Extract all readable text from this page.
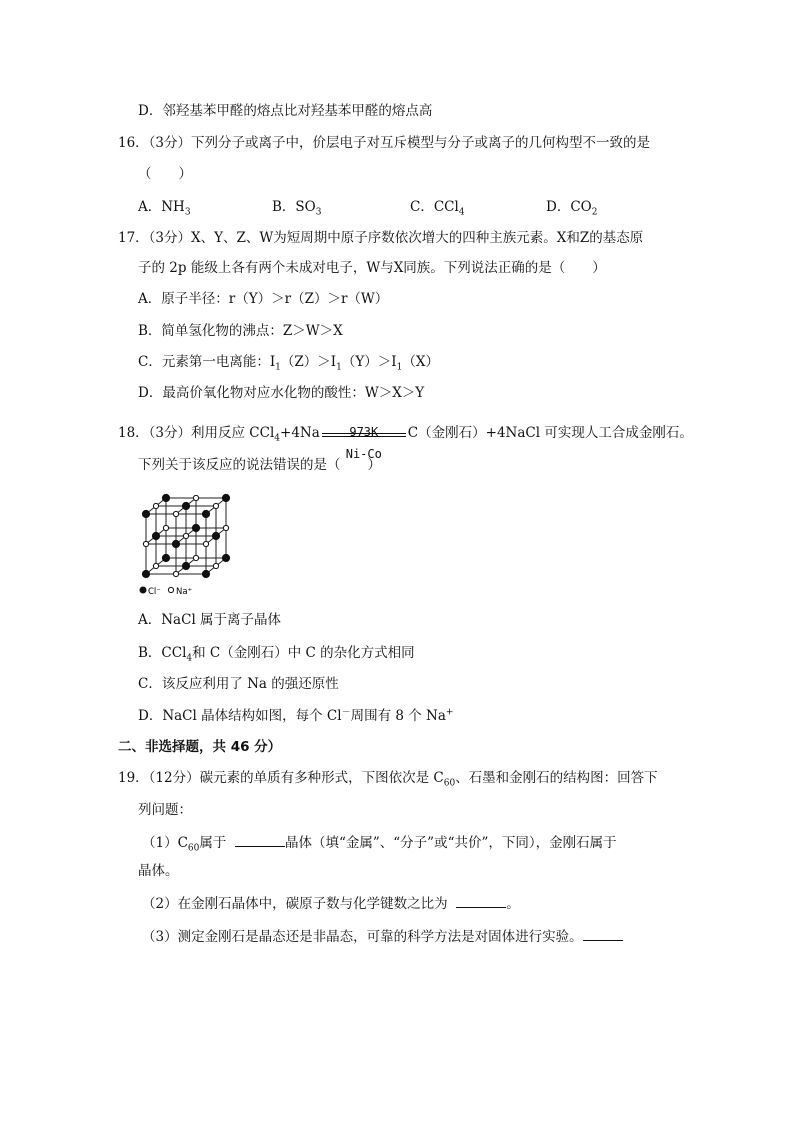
D．邻羟基苯甲醛的熔点比对羟基苯甲醛的熔点高
16．（3分）下列分子或离子中，价层电子对互斥模型与分子或离子的几何构型不一致的是
（　　）
A．$NH_3$	B．$SO_3$	C．CCl$_4$	D．$CO_2$
17．（3分）X、Y、Z、W为短周期中原子序数依次增大的四种主族元素。X和Z的基态原
子的 2p 能级上各有两个未成对电子，W与X同族。下列说法正确的是（　　）
A．原子半径：r（Y）＞r（Z）＞r（W）
B．简单氢化物的沸点：Z＞W＞X
C．元素第一电离能：$I_1(Z)>I_1(Y)>I_1(X)$
D．最高价氧化物对应水化物的酸性：W＞X＞Y
18．（3分）利用反应 CCl$_4$+4Na	973K
Ni-Co
C（金刚石）+4NaCl 可实现人工合成金刚石。
下列关于该反应的说法错误的是（　　）
Cl⁻ Na⁺
A．NaCl 属于离子晶体
B．CCl$_4$和 C（金刚石）中 C 的杂化方式相同
C．该反应利用了 Na 的强还原性
D．NaCl 晶体结构如图，每个 Cl－周围有 8 个 Na+
二、非选择题，共 46 分）
19．（12分）碳元素的单质有多种形式，下图依次是 $C_{60}$、石墨和金刚石的结构图：回答下
列问题：
$(1)C_{60}$属于	晶体（填“金属”、“分子”或“共价”，下同），金刚石属于
晶体。
（2）在金刚石晶体中，碳原子数与化学键数之比为	。
（3）测定金刚石是晶态还是非晶态，可靠的科学方法是对固体进行实验。
